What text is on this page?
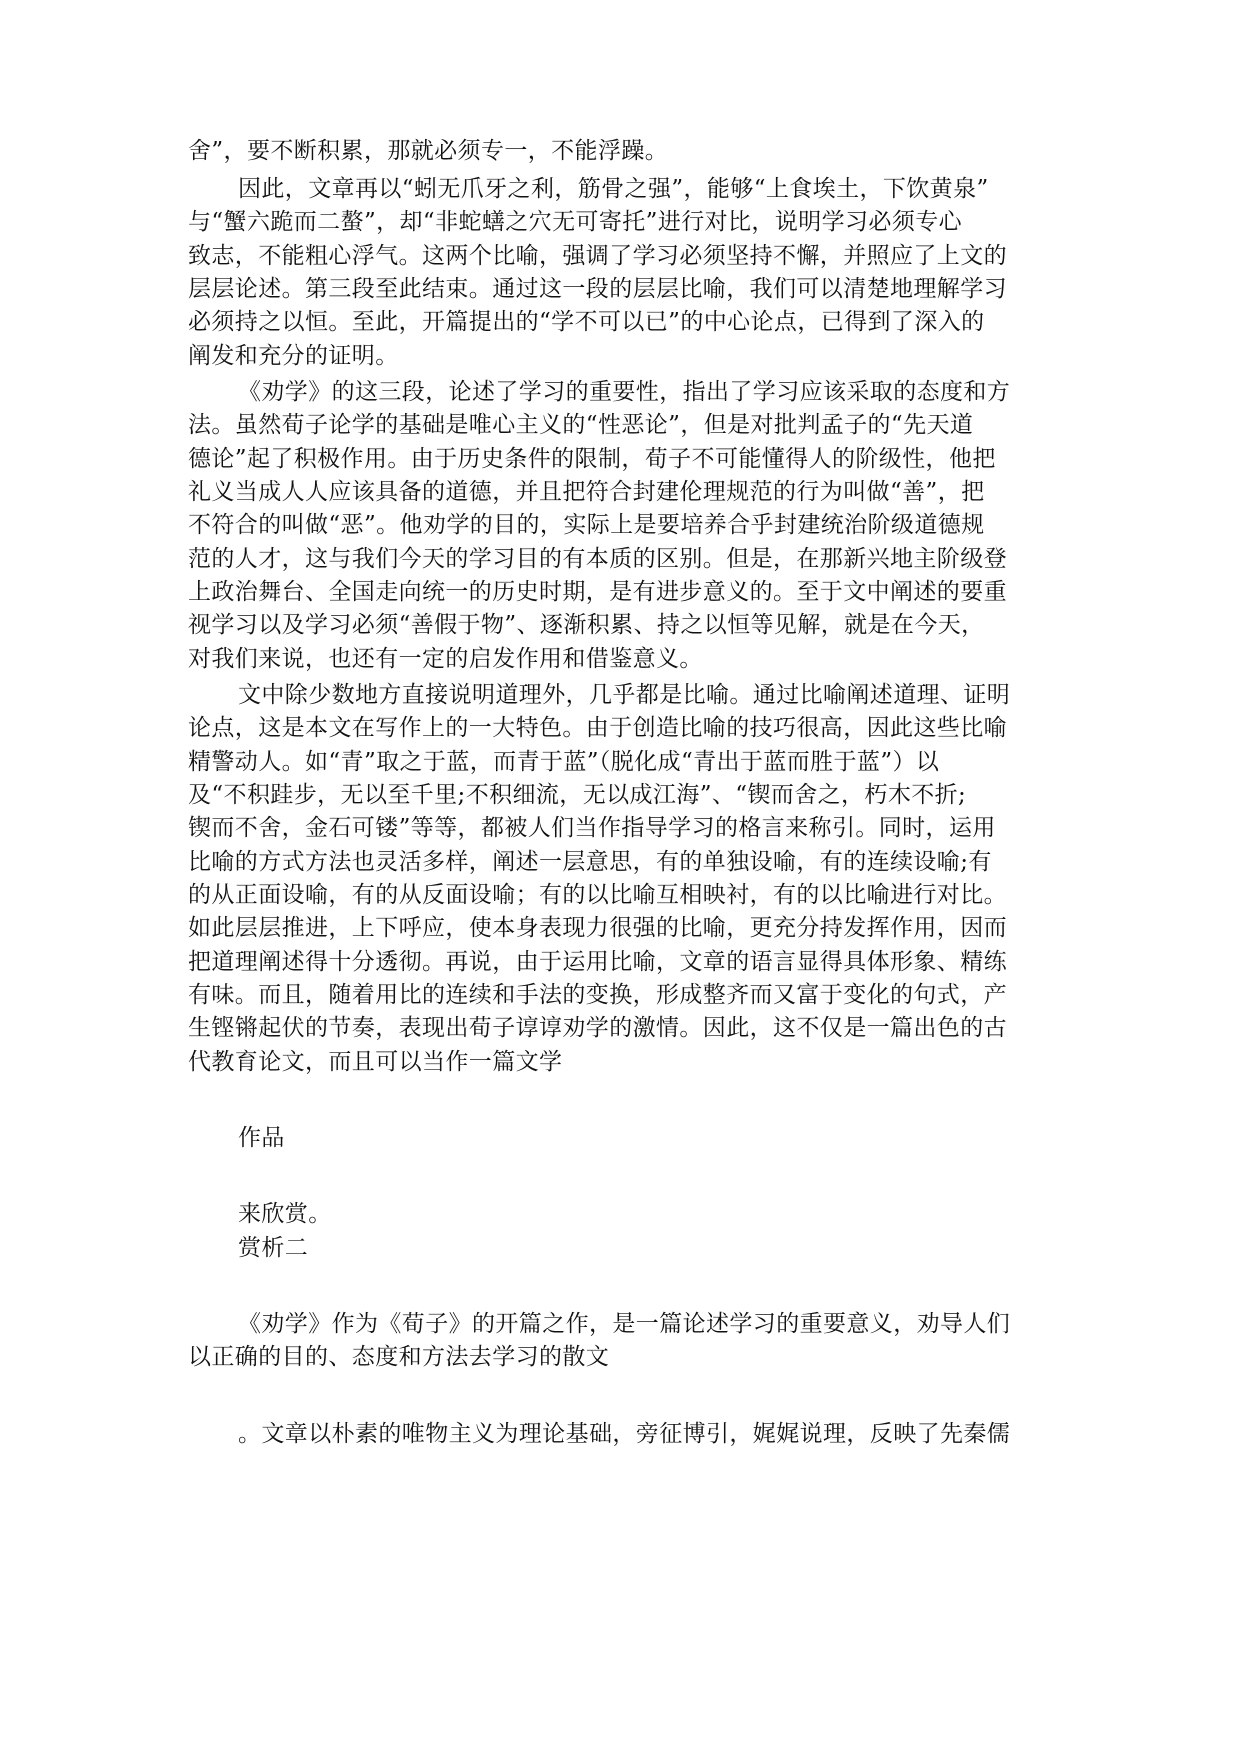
舍”，要不断积累，那就必须专一，不能浮躁。
因此，文章再以“蚓无爪牙之利，筋骨之强”，能够“上食埃土，下饮黄泉”
与“蟹六跪而二螯”，却“非蛇蟮之穴无可寄托”进行对比，说明学习必须专心
致志，不能粗心浮气。这两个比喻，强调了学习必须坚持不懈，并照应了上文的
层层论述。第三段至此结束。通过这一段的层层比喻，我们可以清楚地理解学习
必须持之以恒。至此，开篇提出的“学不可以已”的中心论点，已得到了深入的
阐发和充分的证明。
《劝学》的这三段，论述了学习的重要性，指出了学习应该采取的态度和方
法。虽然荀子论学的基础是唯心主义的“性恶论”，但是对批判孟子的“先天道
德论”起了积极作用。由于历史条件的限制，荀子不可能懂得人的阶级性，他把
礼义当成人人应该具备的道德，并且把符合封建伦理规范的行为叫做“善”，把
不符合的叫做“恶”。他劝学的目的，实际上是要培养合乎封建统治阶级道德规
范的人才，这与我们今天的学习目的有本质的区别。但是，在那新兴地主阶级登
上政治舞台、全国走向统一的历史时期，是有进步意义的。至于文中阐述的要重
视学习以及学习必须“善假于物”、逐渐积累、持之以恒等见解，就是在今天，
对我们来说，也还有一定的启发作用和借鉴意义。
文中除少数地方直接说明道理外，几乎都是比喻。通过比喻阐述道理、证明
论点，这是本文在写作上的一大特色。由于创造比喻的技巧很高，因此这些比喻
精警动人。如“青”取之于蓝，而青于蓝”（脱化成“青出于蓝而胜于蓝”）以
及“不积跬步，无以至千里;不积细流，无以成江海”、“锲而舍之，朽木不折;
锲而不舍，金石可镂”等等，都被人们当作指导学习的格言来称引。同时，运用
比喻的方式方法也灵活多样，阐述一层意思，有的单独设喻，有的连续设喻;有
的从正面设喻，有的从反面设喻；有的以比喻互相映衬，有的以比喻进行对比。
如此层层推进，上下呼应，使本身表现力很强的比喻，更充分持发挥作用，因而
把道理阐述得十分透彻。再说，由于运用比喻，文章的语言显得具体形象、精练
有味。而且，随着用比的连续和手法的变换，形成整齐而又富于变化的句式，产
生铿锵起伏的节奏，表现出荀子谆谆劝学的激情。因此，这不仅是一篇出色的古
代教育论文，而且可以当作一篇文学
作品
来欣赏。
赏析二
《劝学》作为《荀子》的开篇之作，是一篇论述学习的重要意义，劝导人们
以正确的目的、态度和方法去学习的散文
。文章以朴素的唯物主义为理论基础，旁征博引，娓娓说理，反映了先秦儒
